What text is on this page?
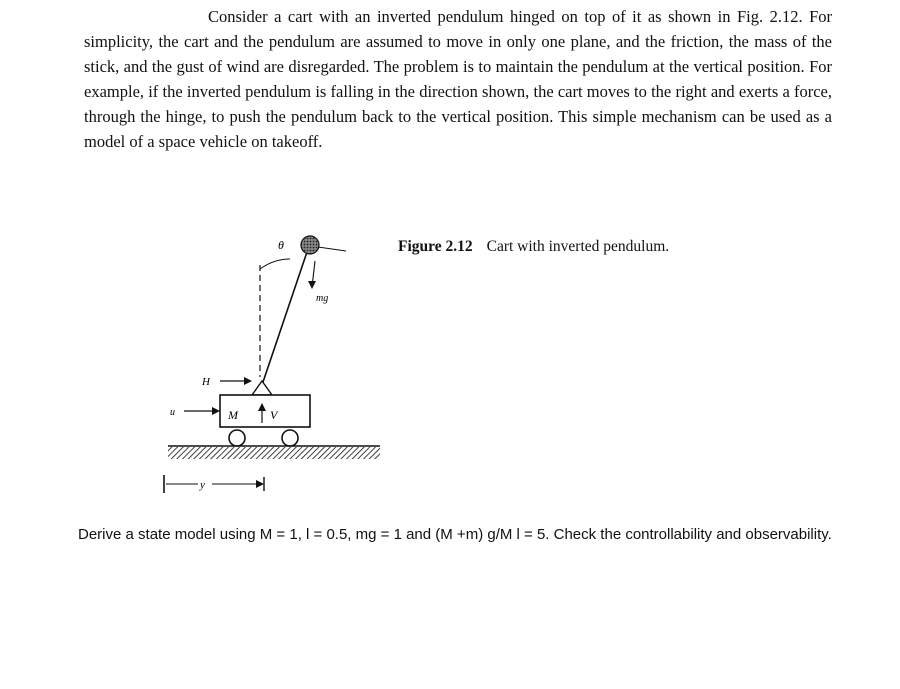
Consider a cart with an inverted pendulum hinged on top of it as shown in Fig. 2.12. For simplicity, the cart and the pendulum are assumed to move in only one plane, and the friction, the mass of the stick, and the gust of wind are disregarded. The problem is to maintain the pendulum at the vertical position. For example, if the inverted pendulum is falling in the direction shown, the cart moves to the right and exerts a force, through the hinge, to push the pendulum back to the vertical position. This simple mechanism can be used as a model of a space vehicle on takeoff.

Figure 2.12 Cart with inverted pendulum.
θ
mg
H
M	V
u
y

Derive a state model using M = 1, l = 0.5, mg = 1 and (M +m) g/M l = 5. Check the controllability and observability.
